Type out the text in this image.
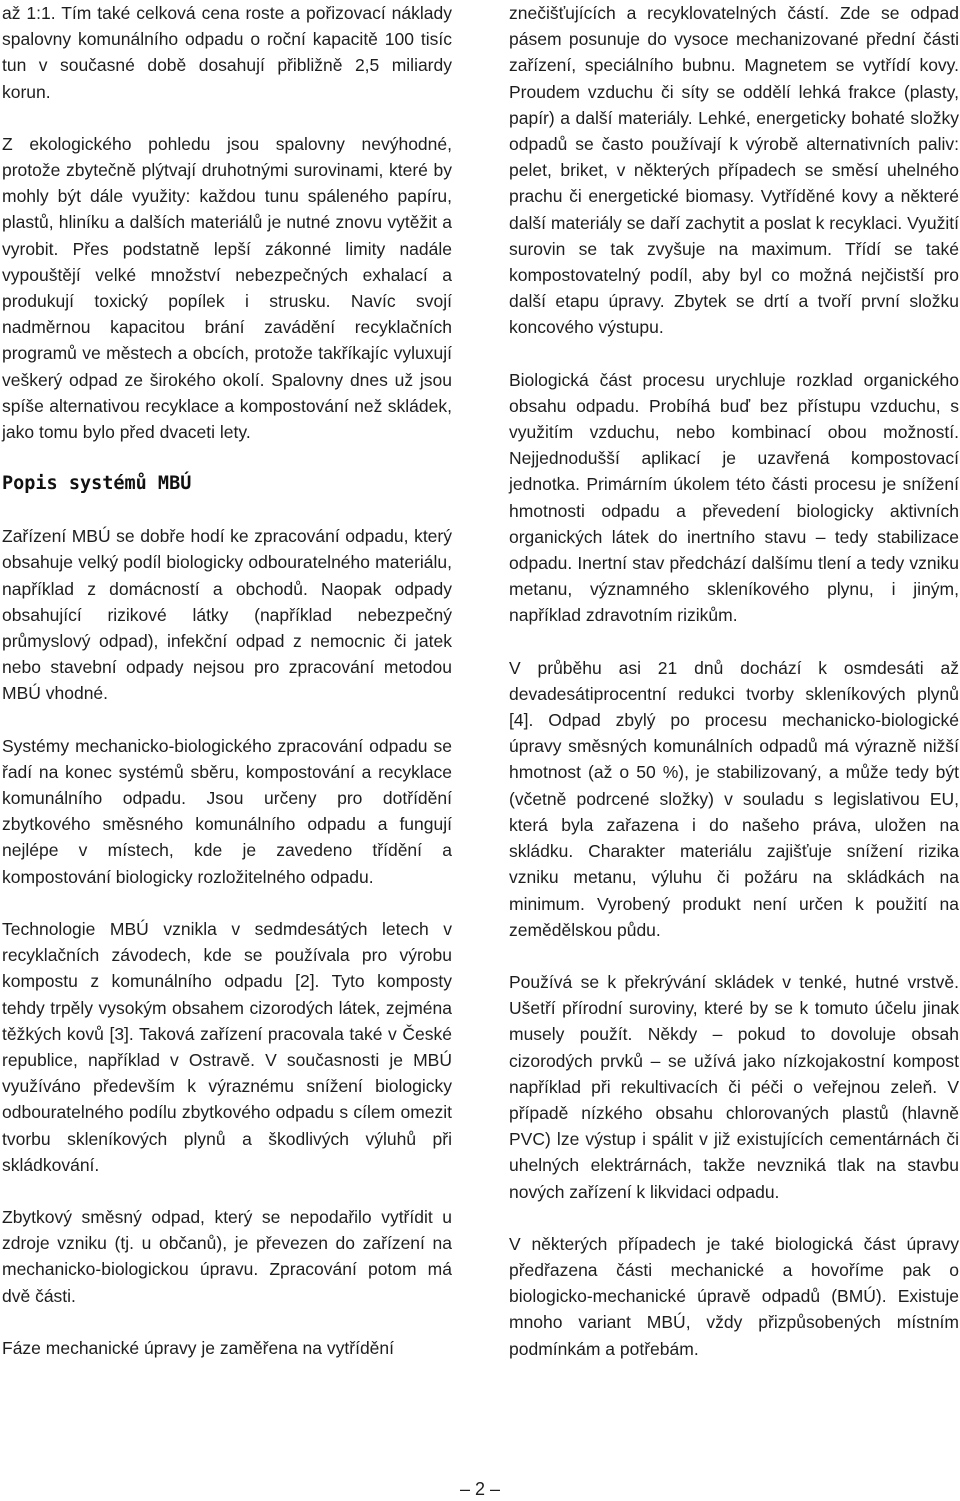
až 1:1. Tím také celková cena roste a pořizovací náklady spalovny komunálního odpadu o roční kapacitě 100 tisíc tun v současné době dosahují přibližně 2,5 miliardy korun.

Z ekologického pohledu jsou spalovny nevýhodné, protože zbytečně plýtvají druhotnými surovinami, které by mohly být dále využity: každou tunu spáleného papíru, plastů, hliníku a dalších materiálů je nutné znovu vytěžit a vyrobit. Přes podstatně lepší zákonné limity nadále vypouštějí velké množství nebezpečných exhalací a produkují toxický popílek i strusku. Navíc svojí nadměrnou kapacitou brání zavádění recyklačních programů ve městech a obcích, protože takříkajíc vyluxují veškerý odpad ze širokého okolí. Spalovny dnes už jsou spíše alternativou recyklace a kompostování než skládek, jako tomu bylo před dvaceti lety.

Popis systémů MBÚ

Zařízení MBÚ se dobře hodí ke zpracování odpadu, který obsahuje velký podíl biologicky odbouratelného materiálu, například z domácností a obchodů. Naopak odpady obsahující rizikové látky (například nebezpečný průmyslový odpad), infekční odpad z nemocnic či jatek nebo stavební odpady nejsou pro zpracování metodou MBÚ vhodné.

Systémy mechanicko-biologického zpracování odpadu se řadí na konec systémů sběru, kompostování a recyklace komunálního odpadu. Jsou určeny pro dotřídění zbytkového směsného komunálního odpadu a fungují nejlépe v místech, kde je zavedeno třídění a kompostování biologicky rozložitelného odpadu.

Technologie MBÚ vznikla v sedmdesátých letech v recyklačních závodech, kde se používala pro výrobu kompostu z komunálního odpadu [2]. Tyto komposty tehdy trpěly vysokým obsahem cizorodých látek, zejména těžkých kovů [3]. Taková zařízení pracovala také v České republice, například v Ostravě. V současnosti je MBÚ využíváno především k výraznému snížení biologicky odbouratelného podílu zbytkového odpadu s cílem omezit tvorbu skleníkových plynů a škodlivých výluhů při skládkování.

Zbytkový směsný odpad, který se nepodařilo vytřídit u zdroje vzniku (tj. u občanů), je převezen do zařízení na mechanicko-biologickou úpravu. Zpracování potom má dvě části.

Fáze mechanické úpravy je zaměřena na vytřídění

znečišťujících a recyklovatelných částí. Zde se odpad pásem posunuje do vysoce mechanizované přední části zařízení, speciálního bubnu. Magnetem se vytřídí kovy. Proudem vzduchu či síty se oddělí lehká frakce (plasty, papír) a další materiály. Lehké, energeticky bohaté složky odpadů se často používají k výrobě alternativních paliv: pelet, briket, v některých případech se směsí uhelného prachu či energetické biomasy. Vytříděné kovy a některé další materiály se daří zachytit a poslat k recyklaci. Využití surovin se tak zvyšuje na maximum. Třídí se také kompostovatelný podíl, aby byl co možná nejčistší pro další etapu úpravy. Zbytek se drtí a tvoří první složku koncového výstupu.

Biologická část procesu urychluje rozklad organického obsahu odpadu. Probíhá buď bez přístupu vzduchu, s využitím vzduchu, nebo kombinací obou možností. Nejjednodušší aplikací je uzavřená kompostovací jednotka. Primárním úkolem této části procesu je snížení hmotnosti odpadu a převedení biologicky aktivních organických látek do inertního stavu – tedy stabilizace odpadu. Inertní stav předchází dalšímu tlení a tedy vzniku metanu, významného skleníkového plynu, i jiným, například zdravotním rizikům.

V průběhu asi 21 dnů dochází k osmdesáti až devadesátiprocentní redukci tvorby skleníkových plynů [4]. Odpad zbylý po procesu mechanicko-biologické úpravy směsných komunálních odpadů má výrazně nižší hmotnost (až o 50 %), je stabilizovaný, a může tedy být (včetně podrcené složky) v souladu s legislativou EU, která byla zařazena i do našeho práva, uložen na skládku. Charakter materiálu zajišťuje snížení rizika vzniku metanu, výluhu či požáru na skládkách na minimum. Vyrobený produkt není určen k použití na zemědělskou půdu.

Používá se k překrývání skládek v tenké, hutné vrstvě. Ušetří přírodní suroviny, které by se k tomuto účelu jinak musely použít. Někdy – pokud to dovoluje obsah cizorodých prvků – se užívá jako nízkojakostní kompost například při rekultivacích či péči o veřejnou zeleň. V případě nízkého obsahu chlorovaných plastů (hlavně PVC) lze výstup i spálit v již existujících cementárnách či uhelných elektrárnách, takže nevzniká tlak na stavbu nových zařízení k likvidaci odpadu.

V některých případech je také biologická část úpravy předřazena části mechanické a hovoříme pak o biologicko-mechanické úpravě odpadů (BMÚ). Existuje mnoho variant MBÚ, vždy přizpůsobených místním podmínkám a potřebám.

– 2 –
